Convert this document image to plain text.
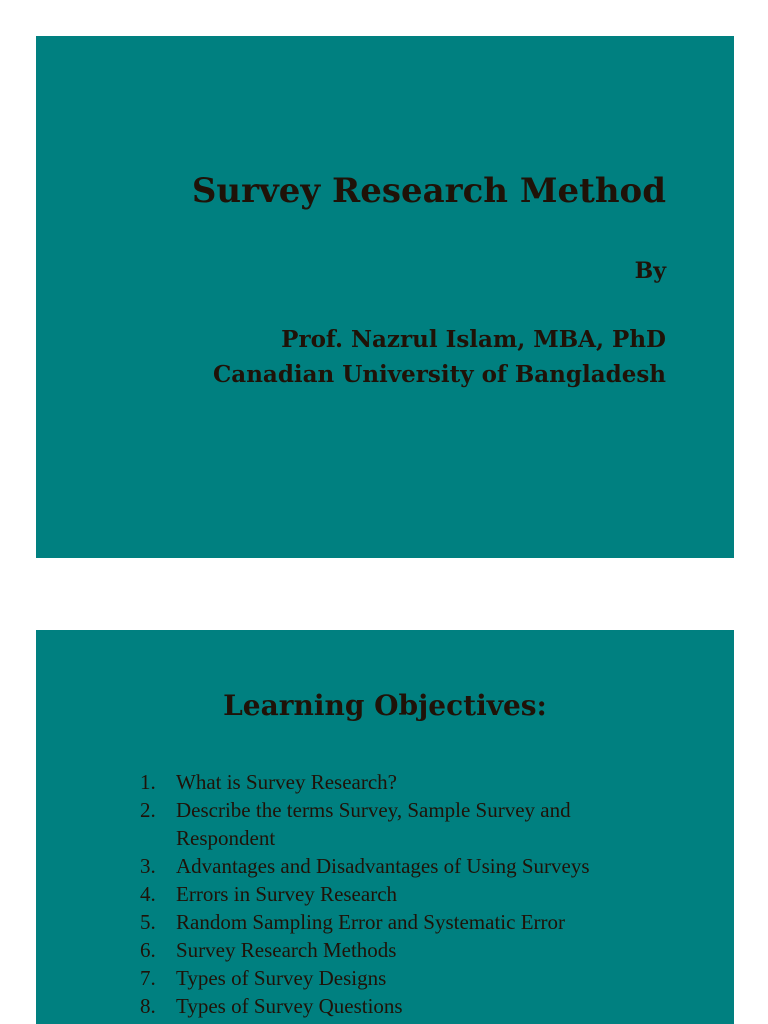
Survey Research Method
By
Prof. Nazrul Islam, MBA, PhD
Canadian University of Bangladesh
Learning Objectives:
1. What is Survey Research?
2. Describe the terms Survey, Sample Survey and Respondent
3. Advantages and Disadvantages of Using Surveys
4. Errors in Survey Research
5. Random Sampling Error and Systematic Error
6. Survey Research Methods
7. Types of Survey Designs
8. Types of Survey Questions
